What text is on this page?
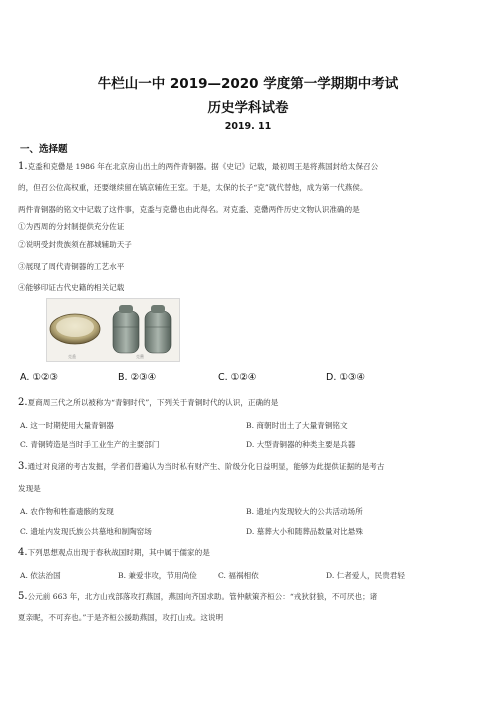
牛栏山一中 2019—2020 学度第一学期期中考试
历史学科试卷
2019. 11
一、选择题
1.克盉和克罍是 1986 年在北京房山出土的两件青铜器。据《史记》记载，最初周王是将燕国封给太保召公
的，但召公位高权重，还要继续留在镐京辅佐王室。于是，太保的长子“克”就代替他，成为第一代燕侯。
两件青铜器的铭文中记载了这件事，克盉与克罍也由此得名。对克盉、克罍两件历史文物认识准确的是
①为西周的分封制提供充分佐证
②说明受封贵族须在都城辅助天子
③展现了周代青铜器的工艺水平
④能够印证古代史籍的相关记载
克盉	克罍
A. ①②③	B. ②③④	C. ①②④	D. ①③④
2.夏商周三代之所以被称为“青铜时代”，下列关于青铜时代的认识，正确的是
A. 这一时期使用大量青铜器	B. 商朝时出土了大量青铜铭文
C. 青铜铸造是当时手工业生产的主要部门	D. 大型青铜器的种类主要是兵器
3.通过对良渚的考古发掘，学者们普遍认为当时私有财产生、阶级分化日益明显，能够为此提供证据的是考古
发现是
A. 农作物和牲畜遗骸的发现	B. 遗址内发现较大的公共活动场所
C. 遗址内发现氏族公共墓地和制陶窑场	D. 墓葬大小和随葬品数量对比悬殊
4.下列思想观点出现于春秋战国时期，其中属于儒家的是
A. 依法治国	B. 兼爱非攻，节用尚俭	C. 福祸相依	D. 仁者爱人，民贵君轻
5.公元前 663 年，北方山戎部落攻打燕国，燕国向齐国求助。管仲献策齐桓公：“戎狄豺狼，不可厌也；诸
夏亲昵，不可弃也。”于是齐桓公援助燕国，攻打山戎。这说明
